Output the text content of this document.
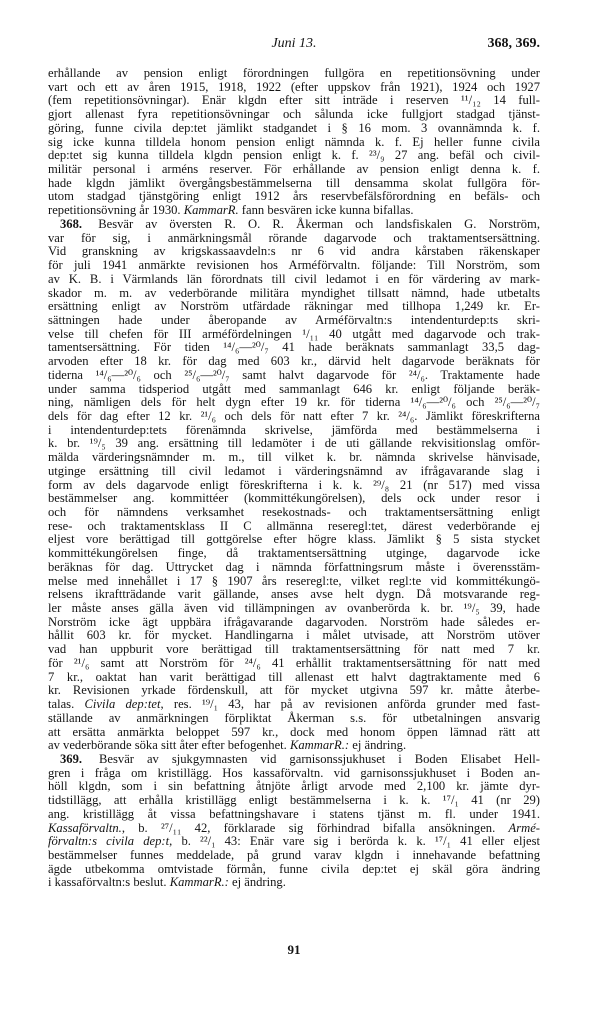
Juni 13.	368, 369.
erhållande av pension enligt förordningen fullgöra en repetitionsövning under
vart och ett av åren 1915, 1918, 1922 (efter uppskov från 1921), 1924 och 1927
(fem repetitionsövningar). Enär klgdn efter sitt inträde i reserven ¹¹/₁₂ 14 full-
gjort allenast fyra repetitionsövningar och sålunda icke fullgjort stadgad tjänst-
göring, funne civila dep:tet jämlikt stadgandet i § 16 mom. 3 ovannämnda k. f.
sig icke kunna tilldela honom pension enligt nämnda k. f. Ej heller funne civila
dep:tet sig kunna tilldela klgdn pension enligt k. f. ²³/₉ 27 ang. befäl och civil-
militär personal i arméns reserver. För erhållande av pension enligt denna k. f.
hade klgdn jämlikt övergångsbestämmelserna till densamma skolat fullgöra för-
utom stadgad tjänstgöring enligt 1912 års reservbefälsförordning en befäls- och
repetitionsövning år 1930. KammarR. fann besvären icke kunna bifallas.
368. Besvär av översten R. O. R. Åkerman och landsfiskalen G. Norström,
var för sig, i anmärkningsmål rörande dagarvode och traktamentsersättning.
Vid granskning av krigskassaavdeln:s nr 6 vid andra kårstaben räkenskaper
för juli 1941 anmärkte revisionen hos Arméförvaltn. följande: Till Norström, som
av K. B. i Värmlands län förordnats till civil ledamot i en för värdering av mark-
skador m. m. av vederbörande militära myndighet tillsatt nämnd, hade utbetalts
ersättning enligt av Norström utfärdade räkningar med tillhopa 1,249 kr. Er-
sättningen hade under åberopande av Arméförvaltn:s intendenturdep:ts skri-
velse till chefen för III arméfördelningen ¹/₁₁ 40 utgått med dagarvode och trak-
tamentsersättning. För tiden ¹⁴/₆—²⁰/₇ 41 hade beräknats sammanlagt 33,5 dag-
arvoden efter 18 kr. för dag med 603 kr., därvid helt dagarvode beräknats för
tiderna ¹⁴/₆—²⁰/₆ och ²⁵/₆—²⁰/₇ samt halvt dagarvode för ²⁴/₆. Traktamente hade
under samma tidsperiod utgått med sammanlagt 646 kr. enligt följande beräk-
ning, nämligen dels för helt dygn efter 19 kr. för tiderna ¹⁴/₆—²⁰/₆ och ²⁵/₆—²⁰/₇
dels för dag efter 12 kr. ²¹/₆ och dels för natt efter 7 kr. ²⁴/₆. Jämlikt föreskrifterna
i intendenturdep:tets förenämnda skrivelse, jämförda med bestämmelserna i
k. br. ¹⁹/₅ 39 ang. ersättning till ledamöter i de uti gällande rekvisitionslag omför-
mälda värderingsnämnder m. m., till vilket k. br. nämnda skrivelse hänvisade,
utginge ersättning till civil ledamot i värderingsnämnd av ifrågavarande slag i
form av dels dagarvode enligt föreskrifterna i k. k. ²⁹/₈ 21 (nr 517) med vissa
bestämmelser ang. kommittéer (kommittékungörelsen), dels ock under resor i
och för nämndens verksamhet resekostnads- och traktamentsersättning enligt
rese- och traktamentsklass II C allmänna reseregl:tet, därest vederbörande ej
eljest vore berättigad till gottgörelse efter högre klass. Jämlikt § 5 sista stycket
kommittékungörelsen finge, då traktamentsersättning utginge, dagarvode icke
beräknas för dag. Uttrycket dag i nämnda författningsrum måste i överensstäm-
melse med innehållet i 17 § 1907 års reseregl:te, vilket regl:te vid kommittékungö-
relsens ikraftträdande varit gällande, anses avse helt dygn. Då motsvarande reg-
ler måste anses gälla även vid tillämpningen av ovanberörda k. br. ¹⁹/₅ 39, hade
Norström icke ägt uppbära ifrågavarande dagarvoden. Norström hade således er-
hållit 603 kr. för mycket. Handlingarna i målet utvisade, att Norström utöver
vad han uppburit vore berättigad till traktamentsersättning för natt med 7 kr.
för ²¹/₆ samt att Norström för ²⁴/₆ 41 erhållit traktamentsersättning för natt med
7 kr., oaktat han varit berättigad till allenast ett halvt dagtraktamente med 6
kr. Revisionen yrkade fördenskull, att för mycket utgivna 597 kr. måtte återbe-
talas. Civila dep:tet, res. ¹⁹/₁ 43, har på av revisionen anförda grunder med fast-
ställande av anmärkningen förpliktat Åkerman s.s. för utbetalningen ansvarig
att ersätta anmärkta beloppet 597 kr., dock med honom öppen lämnad rätt att
av vederbörande söka sitt åter efter befogenhet. KammarR.: ej ändring.
369. Besvär av sjukgymnasten vid garnisonssjukhuset i Boden Elisabet Hell-
gren i fråga om kristillägg. Hos kassaförvaltn. vid garnisonssjukhuset i Boden an-
höll klgdn, som i sin befattning åtnjöte årligt arvode med 2,100 kr. jämte dyr-
tidstillägg, att erhålla kristillägg enligt bestämmelserna i k. k. ¹⁷/₁ 41 (nr 29)
ang. kristillägg åt vissa befattningshavare i statens tjänst m. fl. under 1941.
Kassaförvaltn., b. ²⁷/₁₁ 42, förklarade sig förhindrad bifalla ansökningen. Armé-
förvaltn:s civila dep:t, b. ²²/₁ 43: Enär vare sig i berörda k. k. ¹⁷/₁ 41 eller eljest
bestämmelser funnes meddelade, på grund varav klgdn i innehavande befattning
ägde utbekomma omtvistade förmån, funne civila dep:tet ej skäl göra ändring
i kassaförvaltn:s beslut. KammarR.: ej ändring.
91
